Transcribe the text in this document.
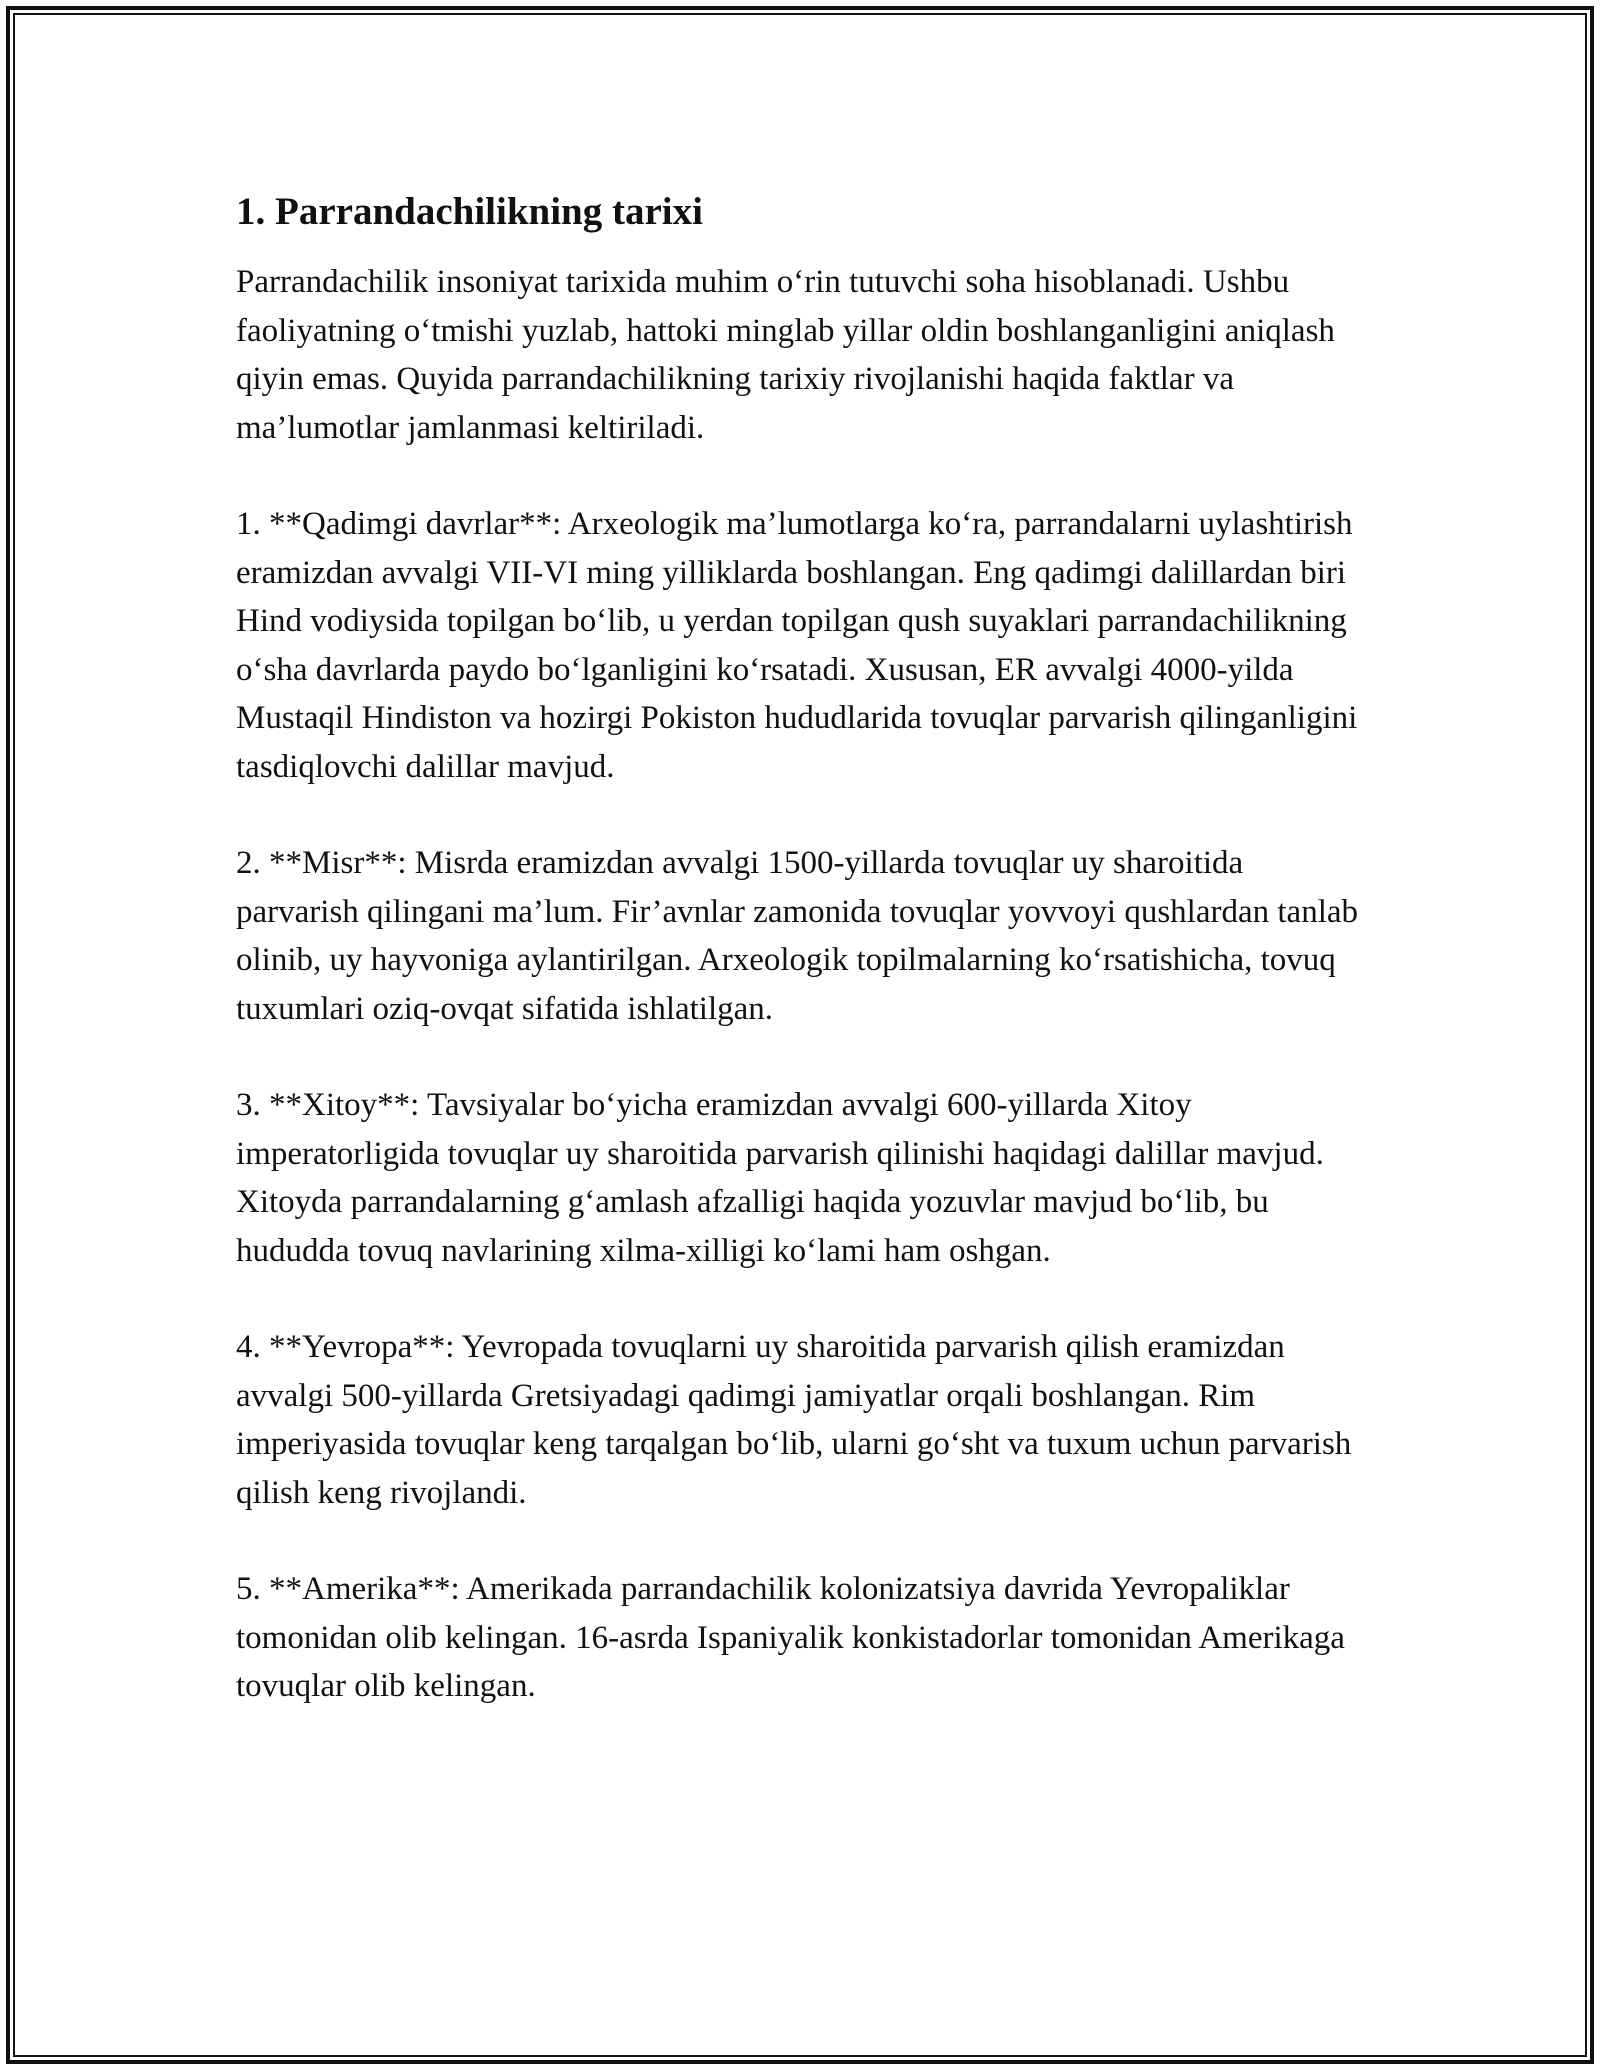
1. Parrandachilikning tarixi

Parrandachilik insoniyat tarixida muhim o‘rin tutuvchi soha hisoblanadi. Ushbu faoliyatning o‘tmishi yuzlab, hattoki minglab yillar oldin boshlanganligini aniqlash qiyin emas. Quyida parrandachilikning tarixiy rivojlanishi haqida faktlar va ma’lumotlar jamlanmasi keltiriladi.

1. **Qadimgi davrlar**: Arxeologik ma’lumotlarga ko‘ra, parrandalarni uylashtirish eramizdan avvalgi VII-VI ming yilliklarda boshlangan. Eng qadimgi dalillardan biri Hind vodiysida topilgan bo‘lib, u yerdan topilgan qush suyaklari parrandachilikning o‘sha davrlarda paydo bo‘lganligini ko‘rsatadi. Xususan, ER avvalgi 4000-yilda Mustaqil Hindiston va hozirgi Pokiston hududlarida tovuqlar parvarish qilinganligini tasdiqlovchi dalillar mavjud.

2. **Misr**: Misrda eramizdan avvalgi 1500-yillarda tovuqlar uy sharoitida parvarish qilingani ma’lum. Fir’avnlar zamonida tovuqlar yovvoyi qushlardan tanlab olinib, uy hayvoniga aylantirilgan. Arxeologik topilmalarning ko‘rsatishicha, tovuq tuxumlari oziq-ovqat sifatida ishlatilgan.

3. **Xitoy**: Tavsiyalar bo‘yicha eramizdan avvalgi 600-yillarda Xitoy imperatorligida tovuqlar uy sharoitida parvarish qilinishi haqidagi dalillar mavjud. Xitoyda parrandalarning g‘amlash afzalligi haqida yozuvlar mavjud bo‘lib, bu hududda tovuq navlarining xilma-xilligi ko‘lami ham oshgan.

4. **Yevropa**: Yevropada tovuqlarni uy sharoitida parvarish qilish eramizdan avvalgi 500-yillarda Gretsiyadagi qadimgi jamiyatlar orqali boshlangan. Rim imperiyasida tovuqlar keng tarqalgan bo‘lib, ularni go‘sht va tuxum uchun parvarish qilish keng rivojlandi.

5. **Amerika**: Amerikada parrandachilik kolonizatsiya davrida Yevropaliklar tomonidan olib kelingan. 16-asrda Ispaniyalik konkistadorlar tomonidan Amerikaga tovuqlar olib kelingan.
